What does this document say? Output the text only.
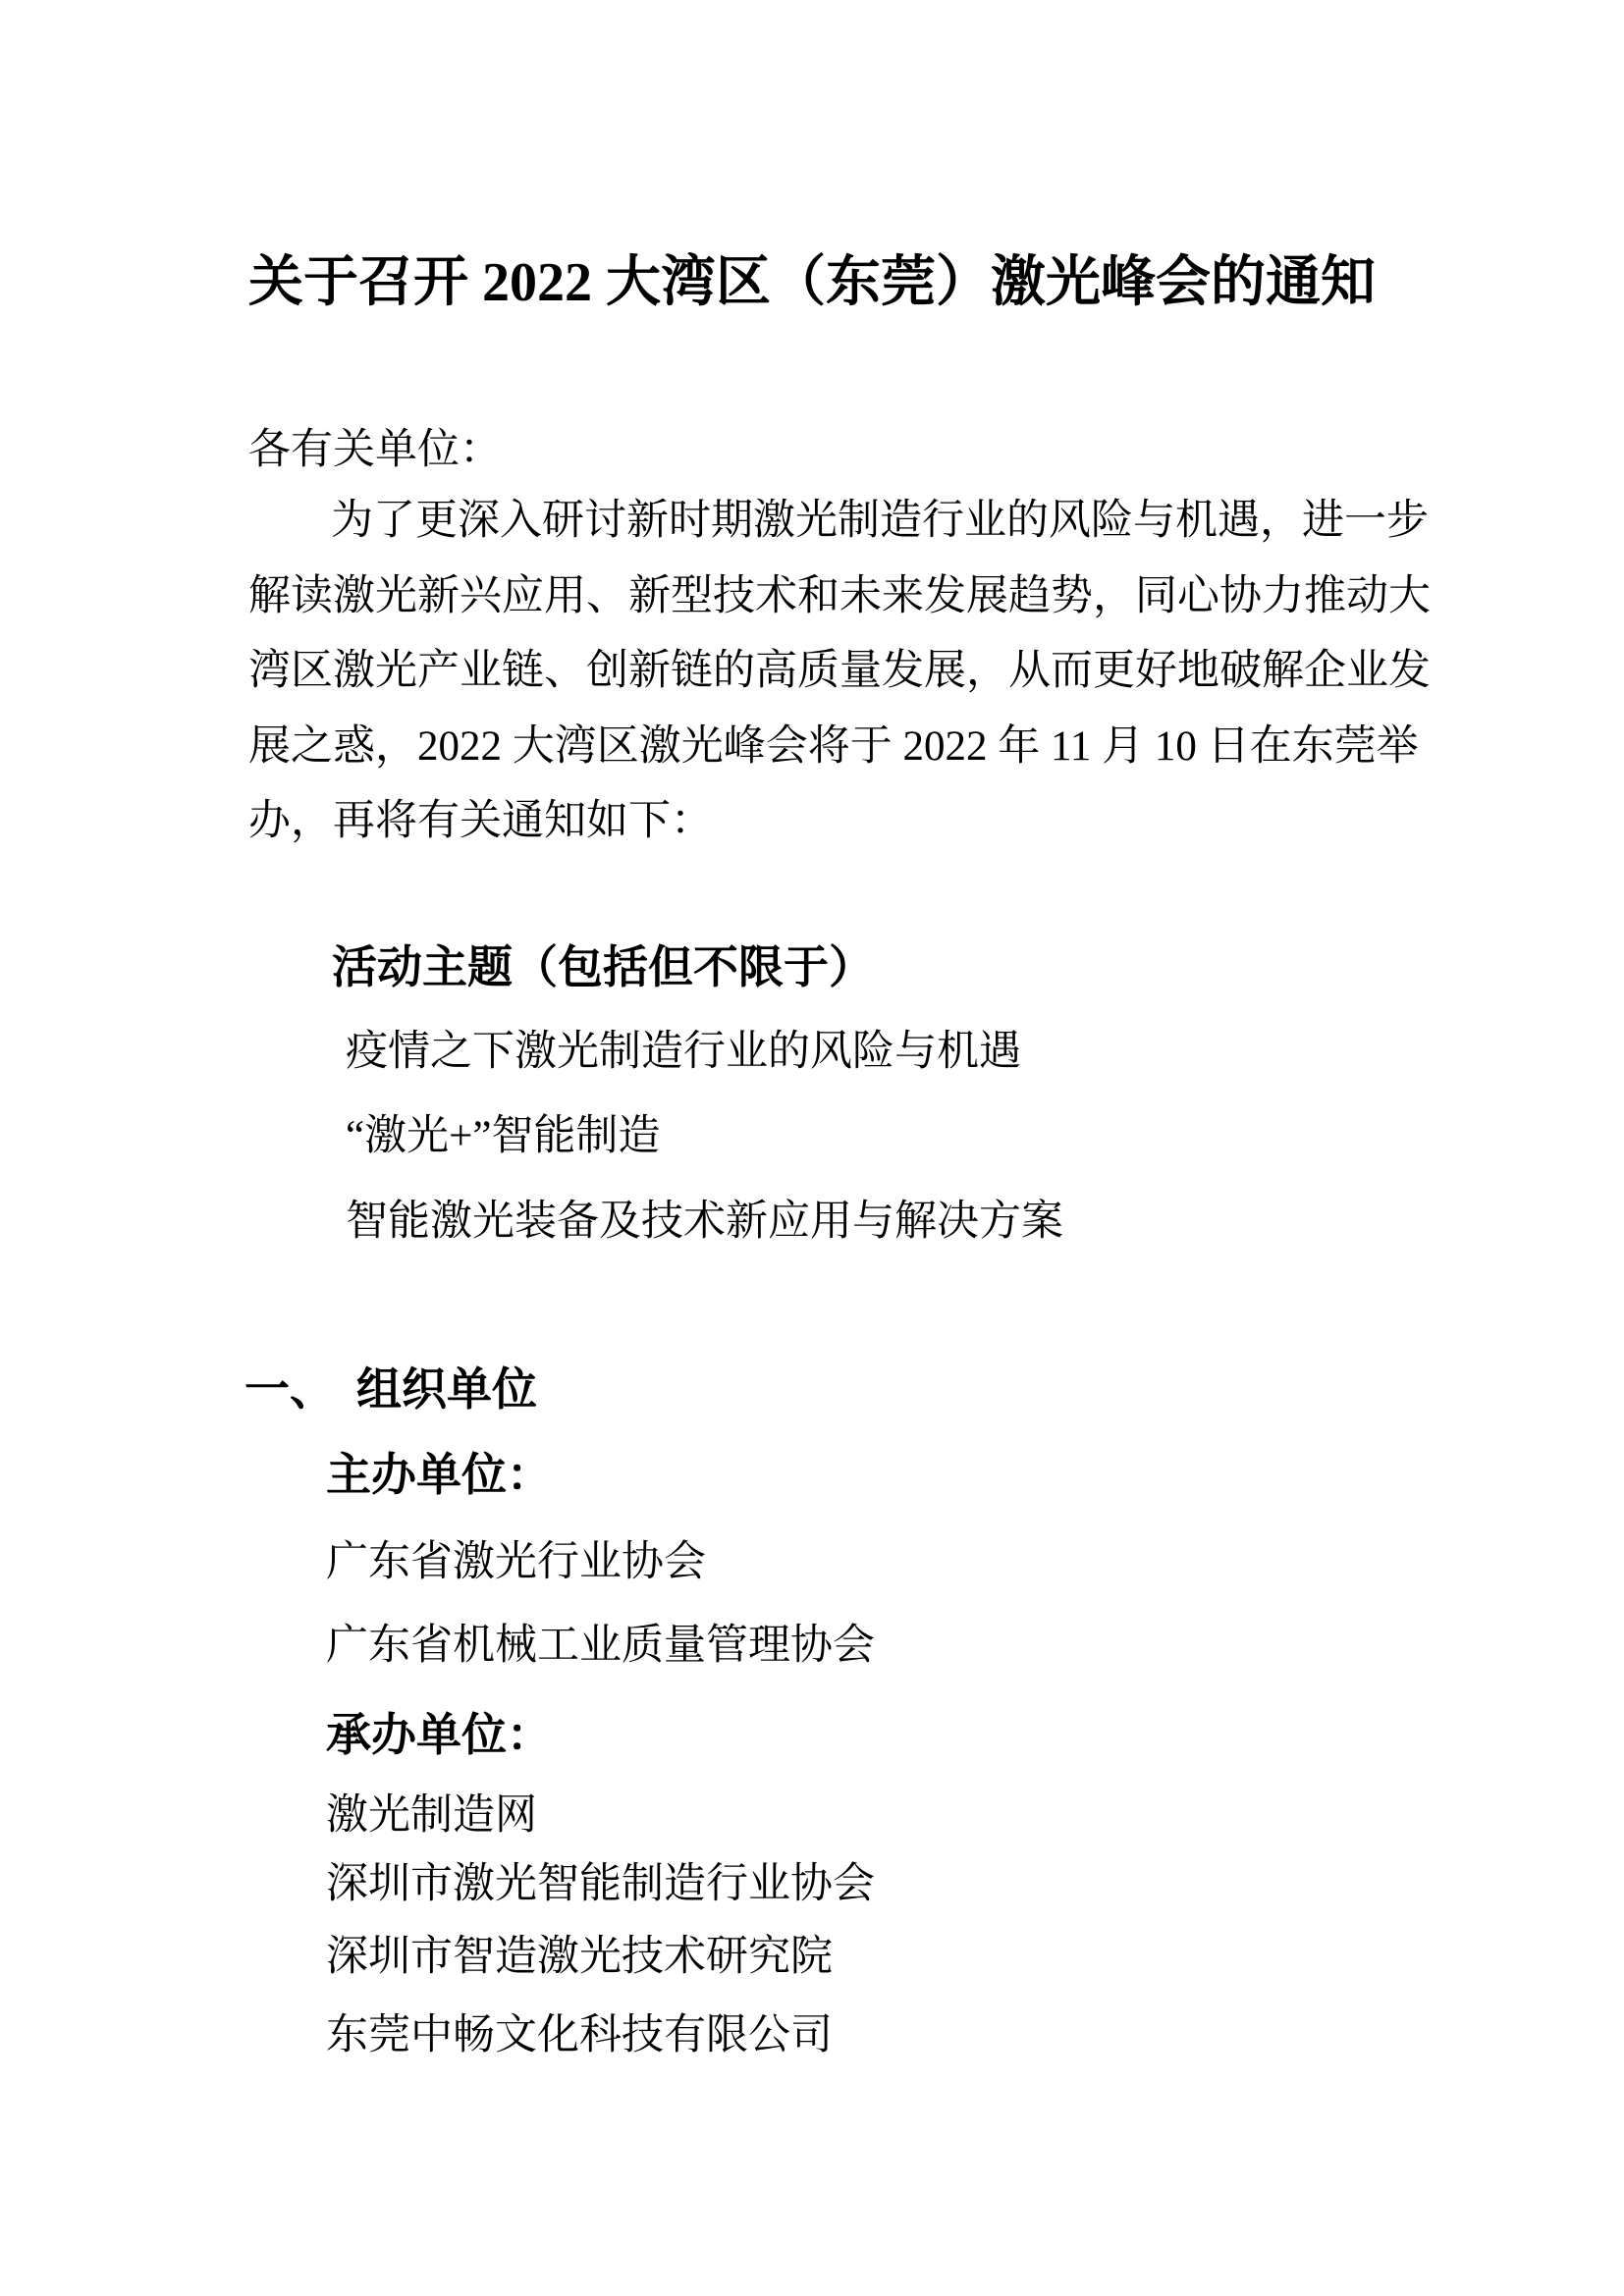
关于召开 2022 大湾区（东莞）激光峰会的通知
各有关单位：
为了更深入研讨新时期激光制造行业的风险与机遇，进一步
解读激光新兴应用、新型技术和未来发展趋势，同心协力推动大
湾区激光产业链、创新链的高质量发展，从而更好地破解企业发
展之惑，2022 大湾区激光峰会将于 2022 年 11 月 10 日在东莞举
办，再将有关通知如下：
活动主题（包括但不限于）
疫情之下激光制造行业的风险与机遇
“激光+”智能制造
智能激光装备及技术新应用与解决方案
一、 组织单位
主办单位：
广东省激光行业协会
广东省机械工业质量管理协会
承办单位：
激光制造网
深圳市激光智能制造行业协会
深圳市智造激光技术研究院
东莞中畅文化科技有限公司
